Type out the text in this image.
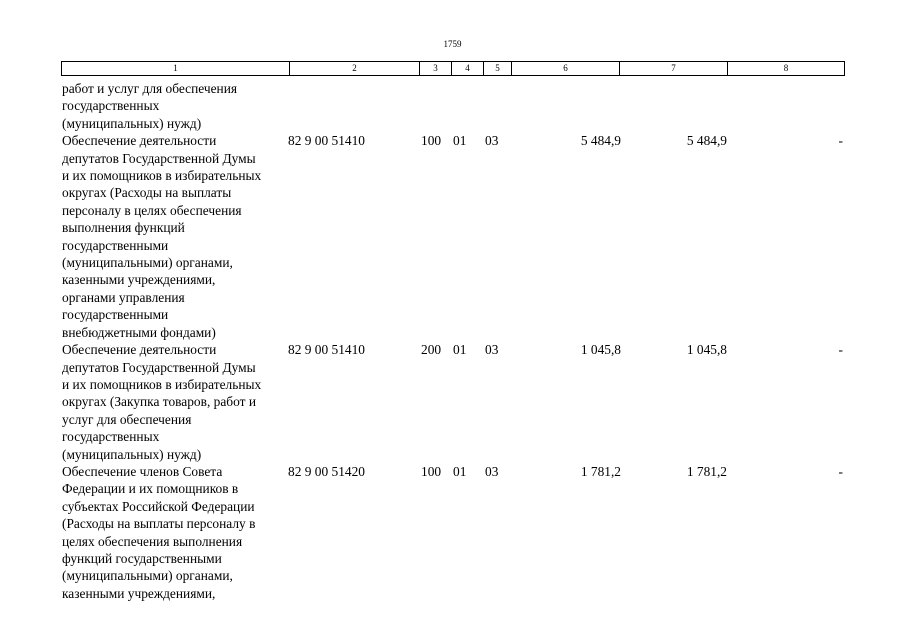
1759
1	2	3	4	5	6	7	8
работ и услуг для обеспечения
государственных
(муниципальных) нужд)
Обеспечение деятельности
депутатов Государственной Думы
и их помощников в избирательных
округах (Расходы на выплаты
персоналу в целях обеспечения
выполнения функций
государственными
(муниципальными) органами,
казенными учреждениями,
органами управления
государственными
внебюджетными фондами)
82 9 00 51410	100 01 03	5 484,9	5 484,9	-
Обеспечение деятельности
депутатов Государственной Думы
и их помощников в избирательных
округах (Закупка товаров, работ и
услуг для обеспечения
государственных
(муниципальных) нужд)
82 9 00 51410	200 01 03	1 045,8	1 045,8	-
Обеспечение членов Совета
Федерации и их помощников в
субъектах Российской Федерации
(Расходы на выплаты персоналу в
целях обеспечения выполнения
функций государственными
(муниципальными) органами,
казенными учреждениями,
82 9 00 51420	100 01 03	1 781,2	1 781,2	-
